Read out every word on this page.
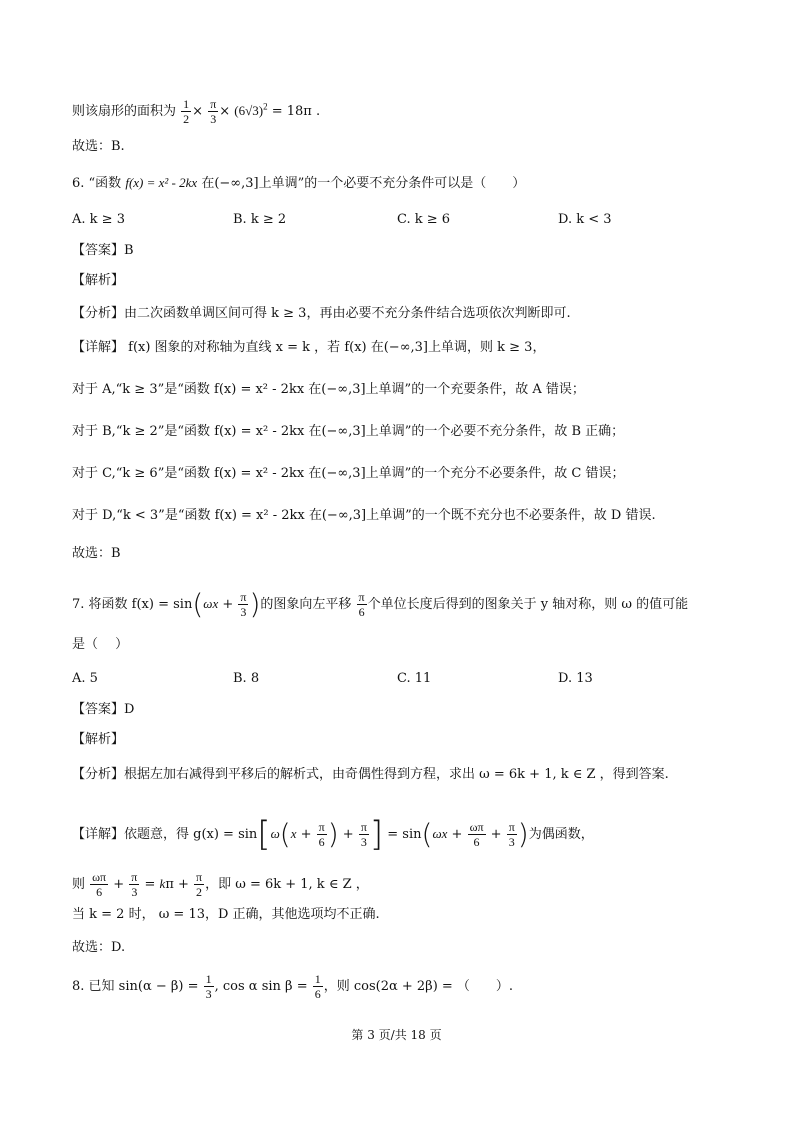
则该扇形的面积为 $\frac{1}{2} \times \frac{\pi}{3} \times (6√3)^2 = 18\pi$ .
故选：B.
6. “函数 f(x) = x² - 2kx 在(−∞,3]上单调”的一个必要不充分条件可以是（　　）
A. k ≥ 3	B. k ≥ 2	C. k ≥ 6	D. k < 3
【答案】B
【解析】
【分析】由二次函数单调区间可得 k ≥ 3，再由必要不充分条件结合选项依次判断即可.
【详解】 f(x) 图象的对称轴为直线 x = k ，若 f(x) 在(−∞,3]上单调，则 k ≥ 3，
对于 A,“k ≥ 3”是“函数 f(x) = x² - 2kx 在(−∞,3]上单调”的一个充要条件，故 A 错误；
对于 B,“k ≥ 2”是“函数 f(x) = x² - 2kx 在(−∞,3]上单调”的一个必要不充分条件，故 B 正确；
对于 C,“k ≥ 6”是“函数 f(x) = x² - 2kx 在(−∞,3]上单调”的一个充分不必要条件，故 C 错误；
对于 D,“k < 3”是“函数 f(x) = x² - 2kx 在(−∞,3]上单调”的一个既不充分也不必要条件，故 D 错误.
故选：B
7. 将函数 $f(x) = \sin(\omega x + \frac{\pi}{3}$ )的图象向左平移 $\frac{\pi}{6}$ 个单位长度后得到的图象关于 y 轴对称，则 ω 的值可能
是（　 ）
A. 5	B. 8	C. 11	D. 13
【答案】D
【解析】
【分析】根据左加右减得到平移后的解析式，由奇偶性得到方程，求出 ω = 6k + 1, k ∈ Z ，得到答案.
【详解】依题意，得 $g(x) = \sin[\omega(x + \frac{\pi}{6}$ ) + $\frac{\pi}{3}$ ] = $\sin(\omega x + \frac{\omega\pi}{6} + \frac{\pi}{3}$ )为偶函数，
则 $\frac{\omega\pi}{6} + \frac{\pi}{3} = k\pi + \frac{\pi}{2}$ ，即 ω = 6k + 1, k ∈ Z ，
当 k = 2 时， ω = 13，D 正确，其他选项均不正确.
故选：D.
8. 已知 $\sin(\alpha - \beta) = \frac{1}{3}$ , cos α $\sin \beta = \frac{1}{6}$ ，则 cos(2α + 2β) = （　　）.
第 3 页/共 18 页
